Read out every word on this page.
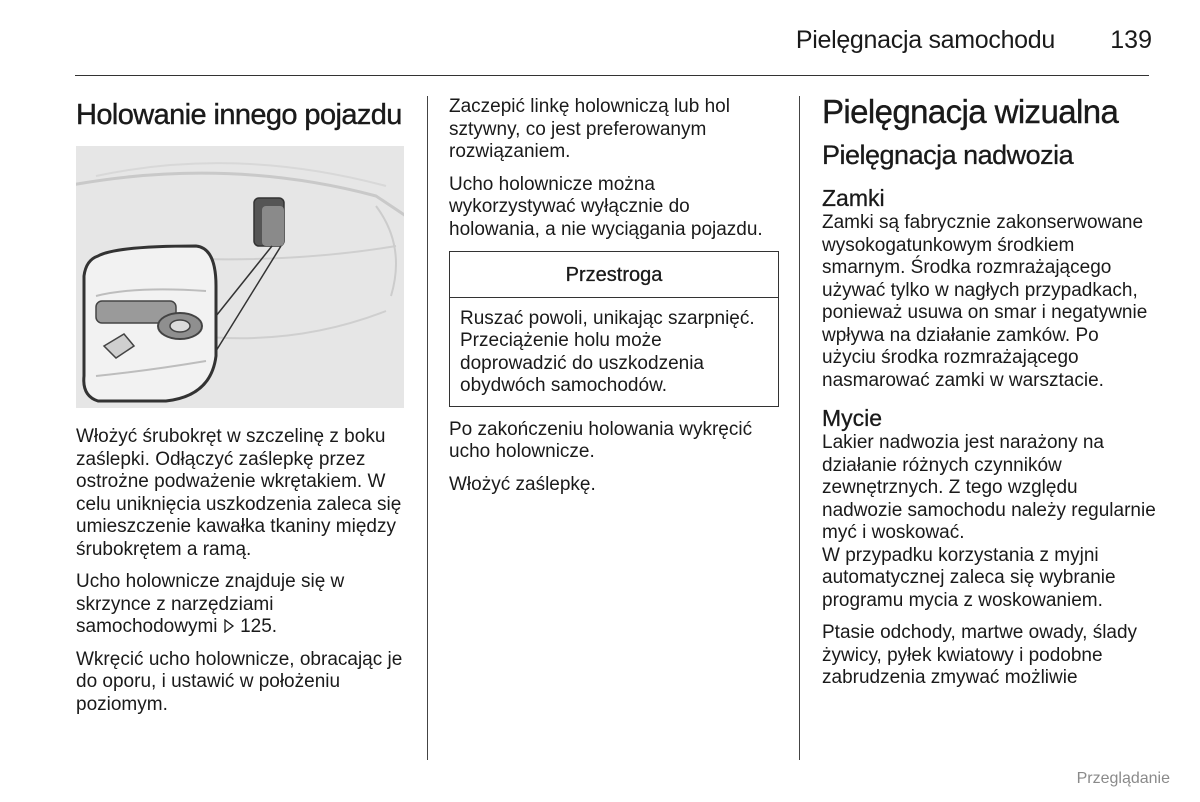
Pielęgnacja samochodu 139
Holowanie innego pojazdu

Włożyć śrubokręt w szczelinę z boku zaślepki. Odłączyć zaślepkę przez ostrożne podważenie wkrętakiem. W celu uniknięcia uszkodzenia zaleca się umieszczenie kawałka tkaniny między śrubokrętem a ramą.

Ucho holownicze znajduje się w skrzynce z narzędziami samochodowymi  125.

Wkręcić ucho holownicze, obracając je do oporu, i ustawić w położeniu poziomym.

Zaczepić linkę holowniczą lub hol sztywny, co jest preferowanym rozwiązaniem.

Ucho holownicze można wykorzystywać wyłącznie do holowania, a nie wyciągania pojazdu.

Przestroga
Ruszać powoli, unikając szarpnięć. Przeciążenie holu może doprowadzić do uszkodzenia obydwóch samochodów.

Po zakończeniu holowania wykręcić ucho holownicze.

Włożyć zaślepkę.

Pielęgnacja wizualna
Pielęgnacja nadwozia
Zamki

Zamki są fabrycznie zakonserwowane wysokogatunkowym środkiem smarnym. Środka rozmrażającego używać tylko w nagłych przypadkach, ponieważ usuwa on smar i negatywnie wpływa na działanie zamków. Po użyciu środka rozmrażającego nasmarować zamki w warsztacie.

Mycie

Lakier nadwozia jest narażony na działanie różnych czynników zewnętrznych. Z tego względu nadwozie samochodu należy regularnie myć i woskować.

W przypadku korzystania z myjni automatycznej zaleca się wybranie programu mycia z woskowaniem.

Ptasie odchody, martwe owady, ślady żywicy, pyłek kwiatowy i podobne zabrudzenia zmywać możliwie

Przeglądanie
